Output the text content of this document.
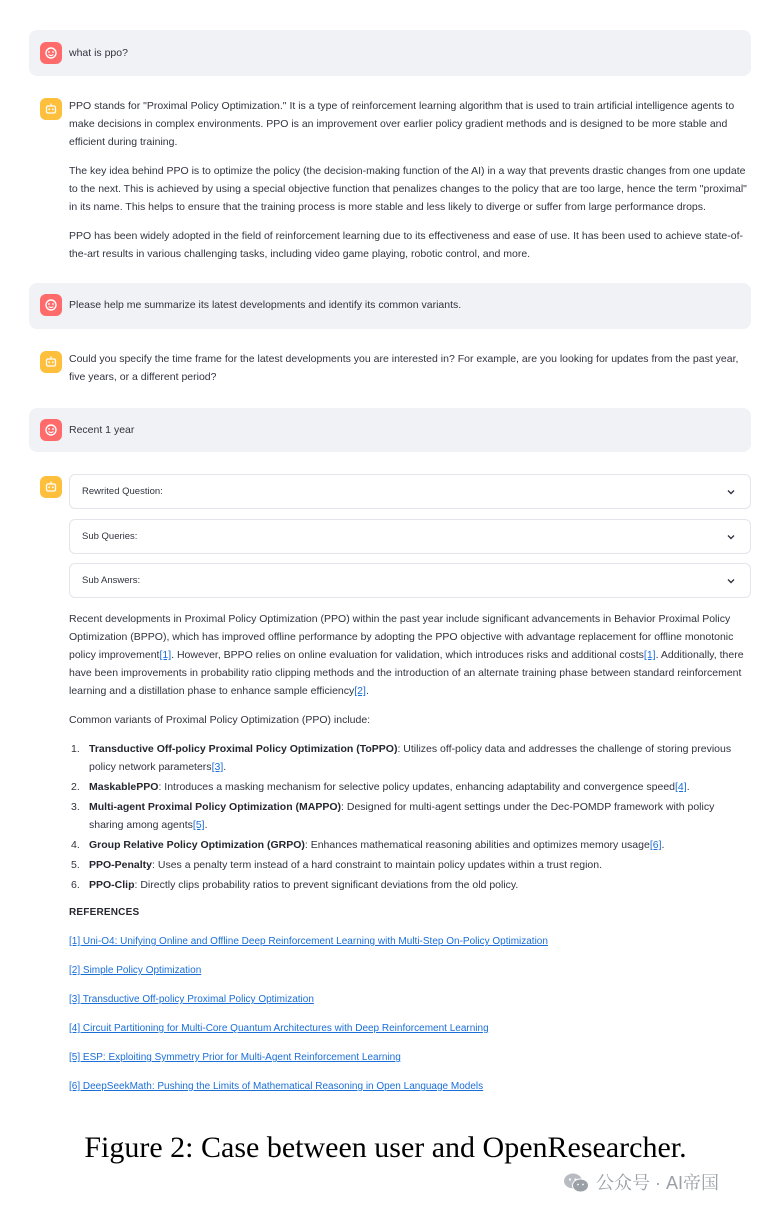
what is ppo?

PPO stands for "Proximal Policy Optimization." It is a type of reinforcement learning algorithm that is used to train artificial intelligence agents to make decisions in complex environments. PPO is an improvement over earlier policy gradient methods and is designed to be more stable and efficient during training.

The key idea behind PPO is to optimize the policy (the decision-making function of the AI) in a way that prevents drastic changes from one update to the next. This is achieved by using a special objective function that penalizes changes to the policy that are too large, hence the term "proximal" in its name. This helps to ensure that the training process is more stable and less likely to diverge or suffer from large performance drops.

PPO has been widely adopted in the field of reinforcement learning due to its effectiveness and ease of use. It has been used to achieve state-of-the-art results in various challenging tasks, including video game playing, robotic control, and more.

Please help me summarize its latest developments and identify its common variants.
Could you specify the time frame for the latest developments you are interested in? For example, are you looking for updates from the past year, five years, or a different period?
Recent 1 year
Rewrited Question:
Sub Queries:
Sub Answers:

Recent developments in Proximal Policy Optimization (PPO) within the past year include significant advancements in Behavior Proximal Policy Optimization (BPPO), which has improved offline performance by adopting the PPO objective with advantage replacement for offline monotonic policy improvement[1]. However, BPPO relies on online evaluation for validation, which introduces risks and additional costs[1]. Additionally, there have been improvements in probability ratio clipping methods and the introduction of an alternate training phase between standard reinforcement learning and a distillation phase to enhance sample efficiency[2].

Common variants of Proximal Policy Optimization (PPO) include:

1. Transductive Off-policy Proximal Policy Optimization (ToPPO): Utilizes off-policy data and addresses the challenge of storing previous policy network parameters[3].
2. MaskablePPO: Introduces a masking mechanism for selective policy updates, enhancing adaptability and convergence speed[4].
3. Multi-agent Proximal Policy Optimization (MAPPO): Designed for multi-agent settings under the Dec-POMDP framework with policy sharing among agents[5].
4. Group Relative Policy Optimization (GRPO): Enhances mathematical reasoning abilities and optimizes memory usage[6].
5. PPO-Penalty: Uses a penalty term instead of a hard constraint to maintain policy updates within a trust region.
6. PPO-Clip: Directly clips probability ratios to prevent significant deviations from the old policy.
REFERENCES
[1] Uni-O4: Unifying Online and Offline Deep Reinforcement Learning with Multi-Step On-Policy Optimization
[2] Simple Policy Optimization
[3] Transductive Off-policy Proximal Policy Optimization
[4] Circuit Partitioning for Multi-Core Quantum Architectures with Deep Reinforcement Learning
[5] ESP: Exploiting Symmetry Prior for Multi-Agent Reinforcement Learning
[6] DeepSeekMath: Pushing the Limits of Mathematical Reasoning in Open Language Models
Figure 2: Case between user and OpenResearcher.
公众号 · AI帝国
